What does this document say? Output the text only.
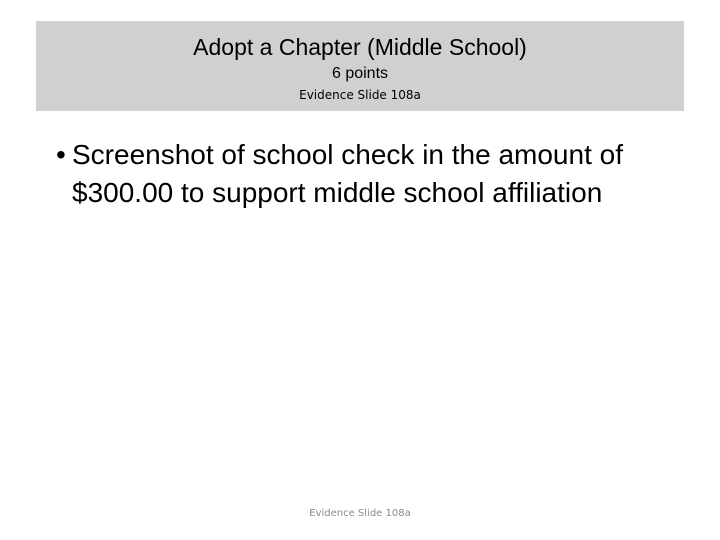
Adopt a Chapter (Middle School)
6 points
Evidence Slide 108a
• Screenshot of school check in the amount of $300.00 to support middle school affiliation
Evidence Slide 108a
